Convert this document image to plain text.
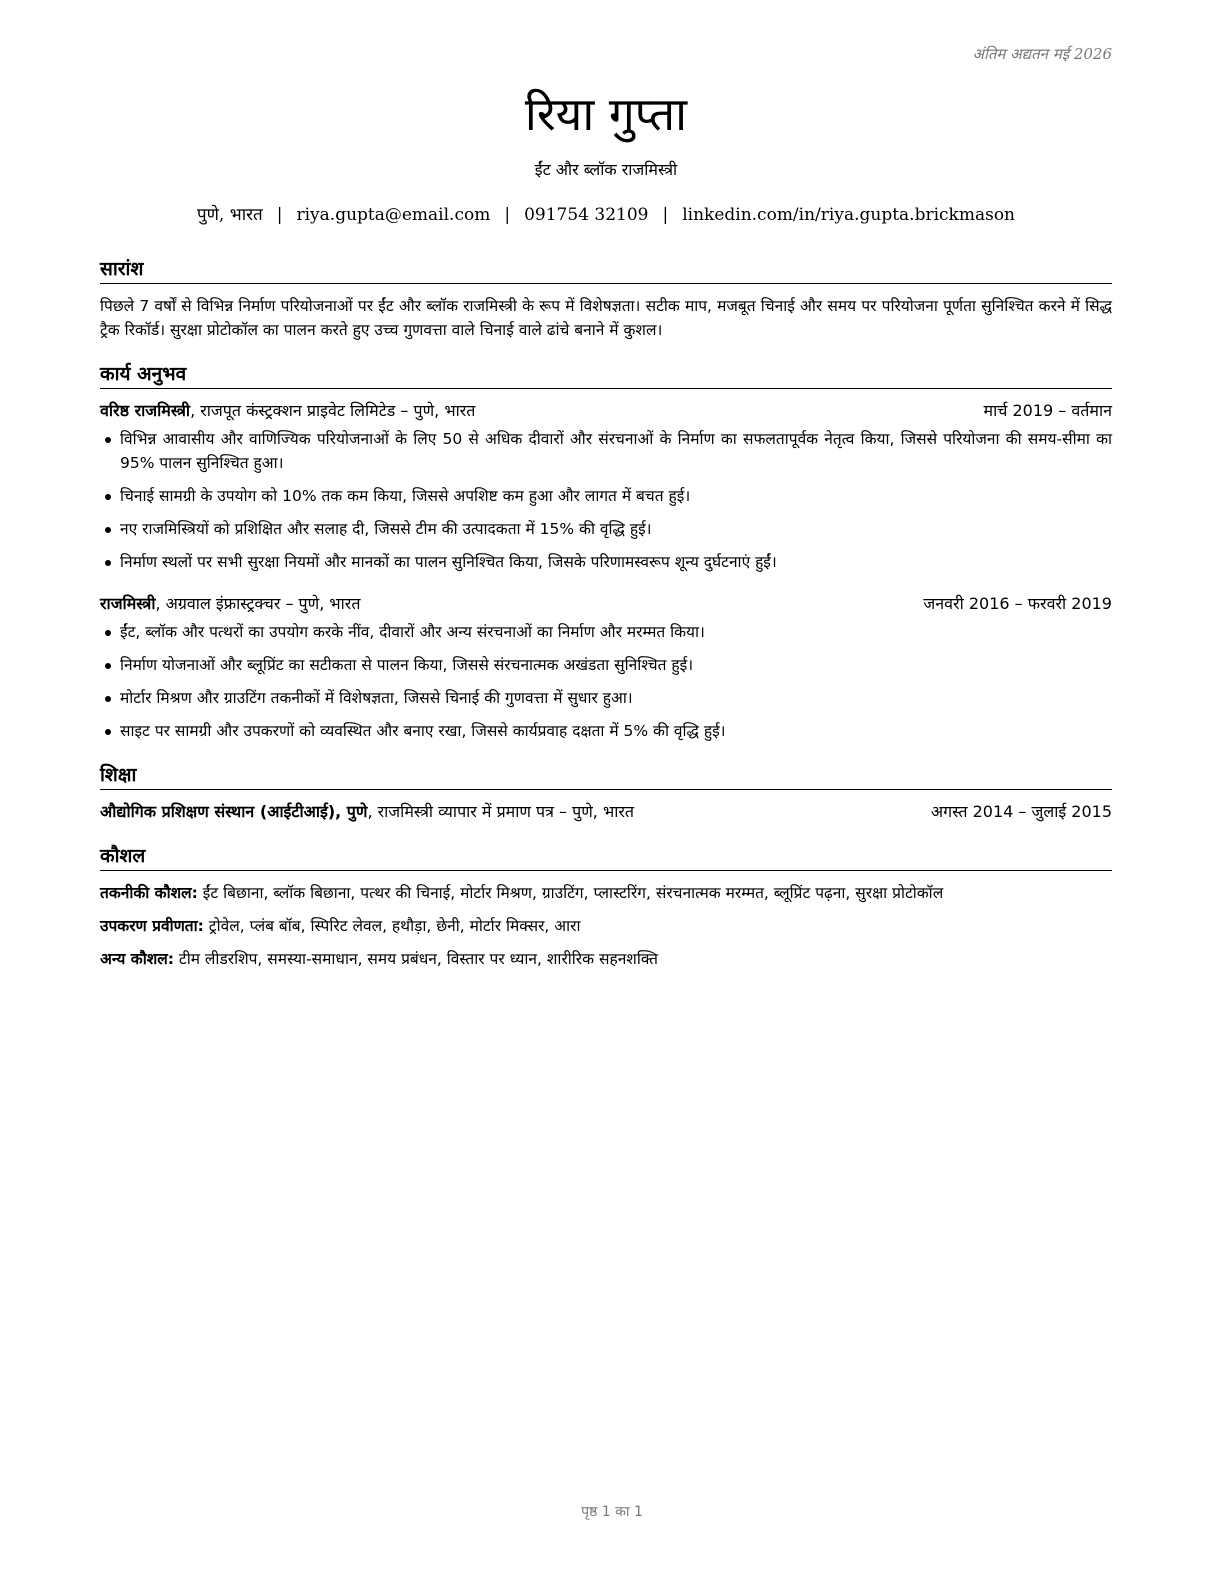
अंतिम अद्यतन मई 2026
रिया गुप्ता
ईंट और ब्लॉक राजमिस्त्री
पुणे, भारत | riya.gupta@email.com | 091754 32109 | linkedin.com/in/riya.gupta.brickmason
सारांश
पिछले 7 वर्षों से विभिन्न निर्माण परियोजनाओं पर ईंट और ब्लॉक राजमिस्त्री के रूप में विशेषज्ञता। सटीक माप, मजबूत चिनाई और समय पर परियोजना पूर्णता सुनिश्चित करने में सिद्ध ट्रैक रिकॉर्ड। सुरक्षा प्रोटोकॉल का पालन करते हुए उच्च गुणवत्ता वाले चिनाई वाले ढांचे बनाने में कुशल।
कार्य अनुभव
वरिष्ठ राजमिस्त्री, राजपूत कंस्ट्रक्शन प्राइवेट लिमिटेड – पुणे, भारत	मार्च 2019 – वर्तमान
विभिन्न आवासीय और वाणिज्यिक परियोजनाओं के लिए 50 से अधिक दीवारों और संरचनाओं के निर्माण का सफलतापूर्वक नेतृत्व किया, जिससे परियोजना की समय-सीमा का 95% पालन सुनिश्चित हुआ।
चिनाई सामग्री के उपयोग को 10% तक कम किया, जिससे अपशिष्ट कम हुआ और लागत में बचत हुई।
नए राजमिस्त्रियों को प्रशिक्षित और सलाह दी, जिससे टीम की उत्पादकता में 15% की वृद्धि हुई।
निर्माण स्थलों पर सभी सुरक्षा नियमों और मानकों का पालन सुनिश्चित किया, जिसके परिणामस्वरूप शून्य दुर्घटनाएं हुईं।
राजमिस्त्री, अग्रवाल इंफ्रास्ट्रक्चर – पुणे, भारत	जनवरी 2016 – फरवरी 2019
ईंट, ब्लॉक और पत्थरों का उपयोग करके नींव, दीवारों और अन्य संरचनाओं का निर्माण और मरम्मत किया।
निर्माण योजनाओं और ब्लूप्रिंट का सटीकता से पालन किया, जिससे संरचनात्मक अखंडता सुनिश्चित हुई।
मोर्टार मिश्रण और ग्राउटिंग तकनीकों में विशेषज्ञता, जिससे चिनाई की गुणवत्ता में सुधार हुआ।
साइट पर सामग्री और उपकरणों को व्यवस्थित और बनाए रखा, जिससे कार्यप्रवाह दक्षता में 5% की वृद्धि हुई।
शिक्षा
औद्योगिक प्रशिक्षण संस्थान (आईटीआई), पुणे, राजमिस्त्री व्यापार में प्रमाण पत्र – पुणे, भारत	अगस्त 2014 – जुलाई 2015
कौशल
तकनीकी कौशल: ईंट बिछाना, ब्लॉक बिछाना, पत्थर की चिनाई, मोर्टार मिश्रण, ग्राउटिंग, प्लास्टरिंग, संरचनात्मक मरम्मत, ब्लूप्रिंट पढ़ना, सुरक्षा प्रोटोकॉल
उपकरण प्रवीणता: ट्रोवेल, प्लंब बॉब, स्पिरिट लेवल, हथौड़ा, छेनी, मोर्टार मिक्सर, आरा
अन्य कौशल: टीम लीडरशिप, समस्या-समाधान, समय प्रबंधन, विस्तार पर ध्यान, शारीरिक सहनशक्ति
पृष्ठ 1 का 1
